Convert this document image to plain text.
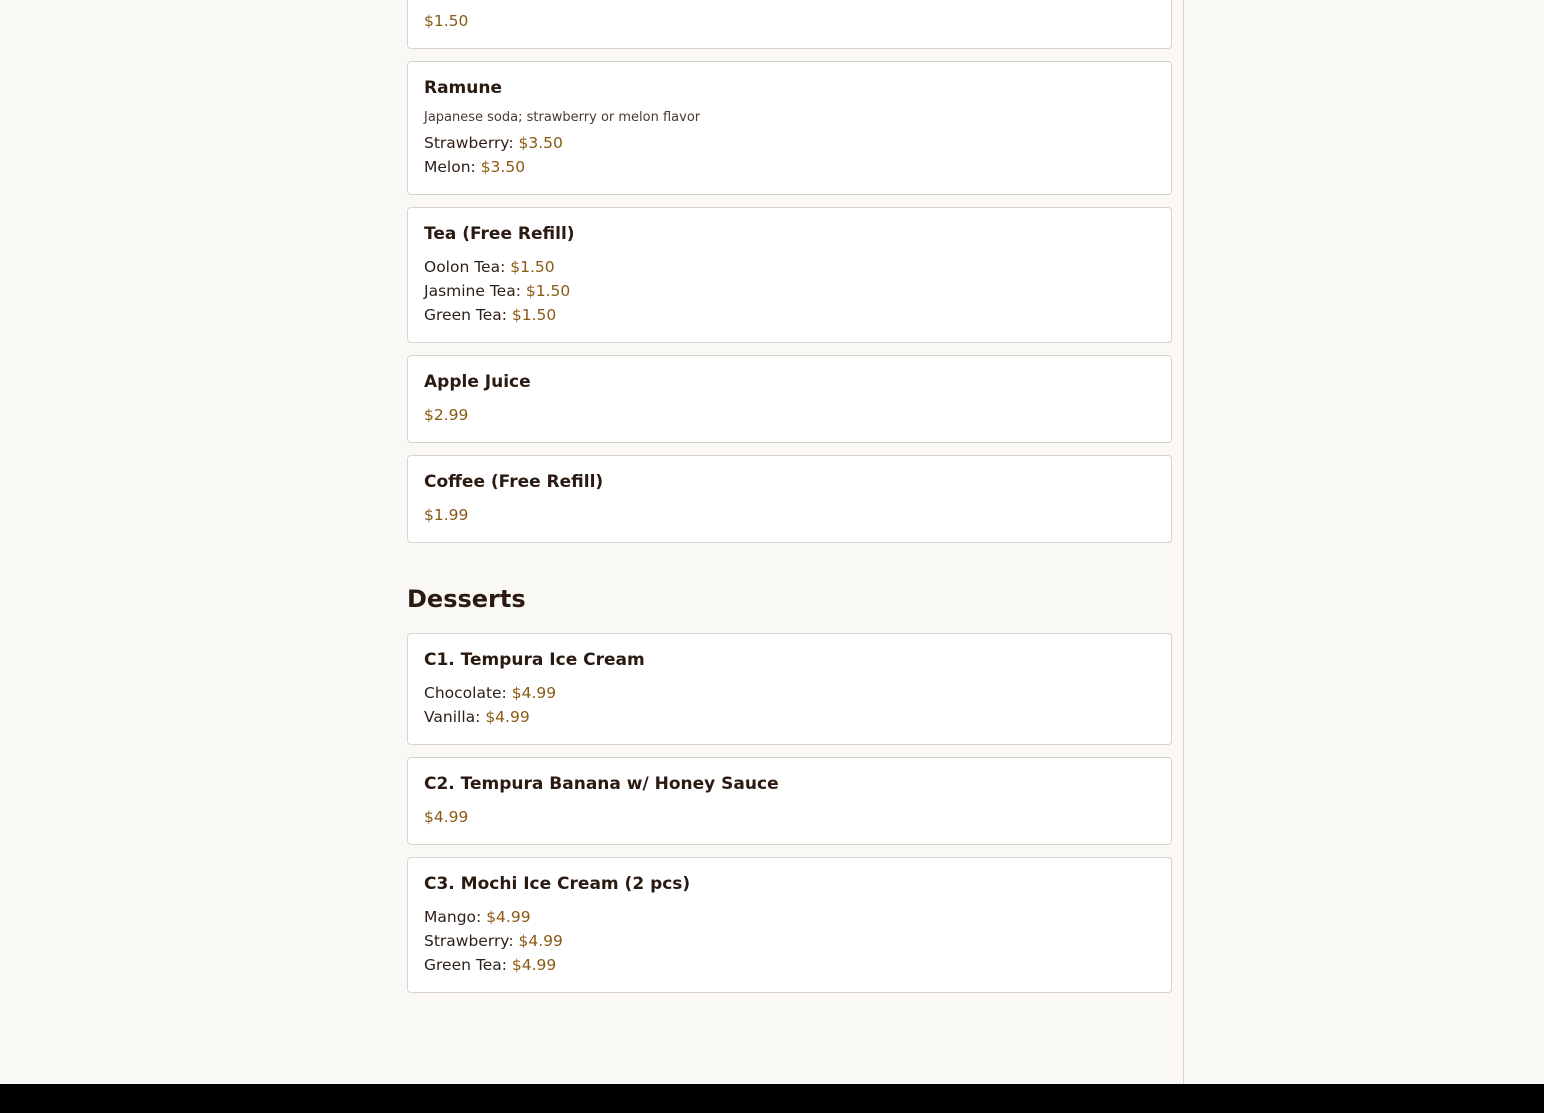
$1.50
Ramune
Japanese soda; strawberry or melon flavor
Strawberry: $3.50
Melon: $3.50
Tea (Free Refill)
Oolon Tea: $1.50
Jasmine Tea: $1.50
Green Tea: $1.50
Apple Juice
$2.99
Coffee (Free Refill)
$1.99
Desserts
C1. Tempura Ice Cream
Chocolate: $4.99
Vanilla: $4.99
C2. Tempura Banana w/ Honey Sauce
$4.99
C3. Mochi Ice Cream (2 pcs)
Mango: $4.99
Strawberry: $4.99
Green Tea: $4.99
